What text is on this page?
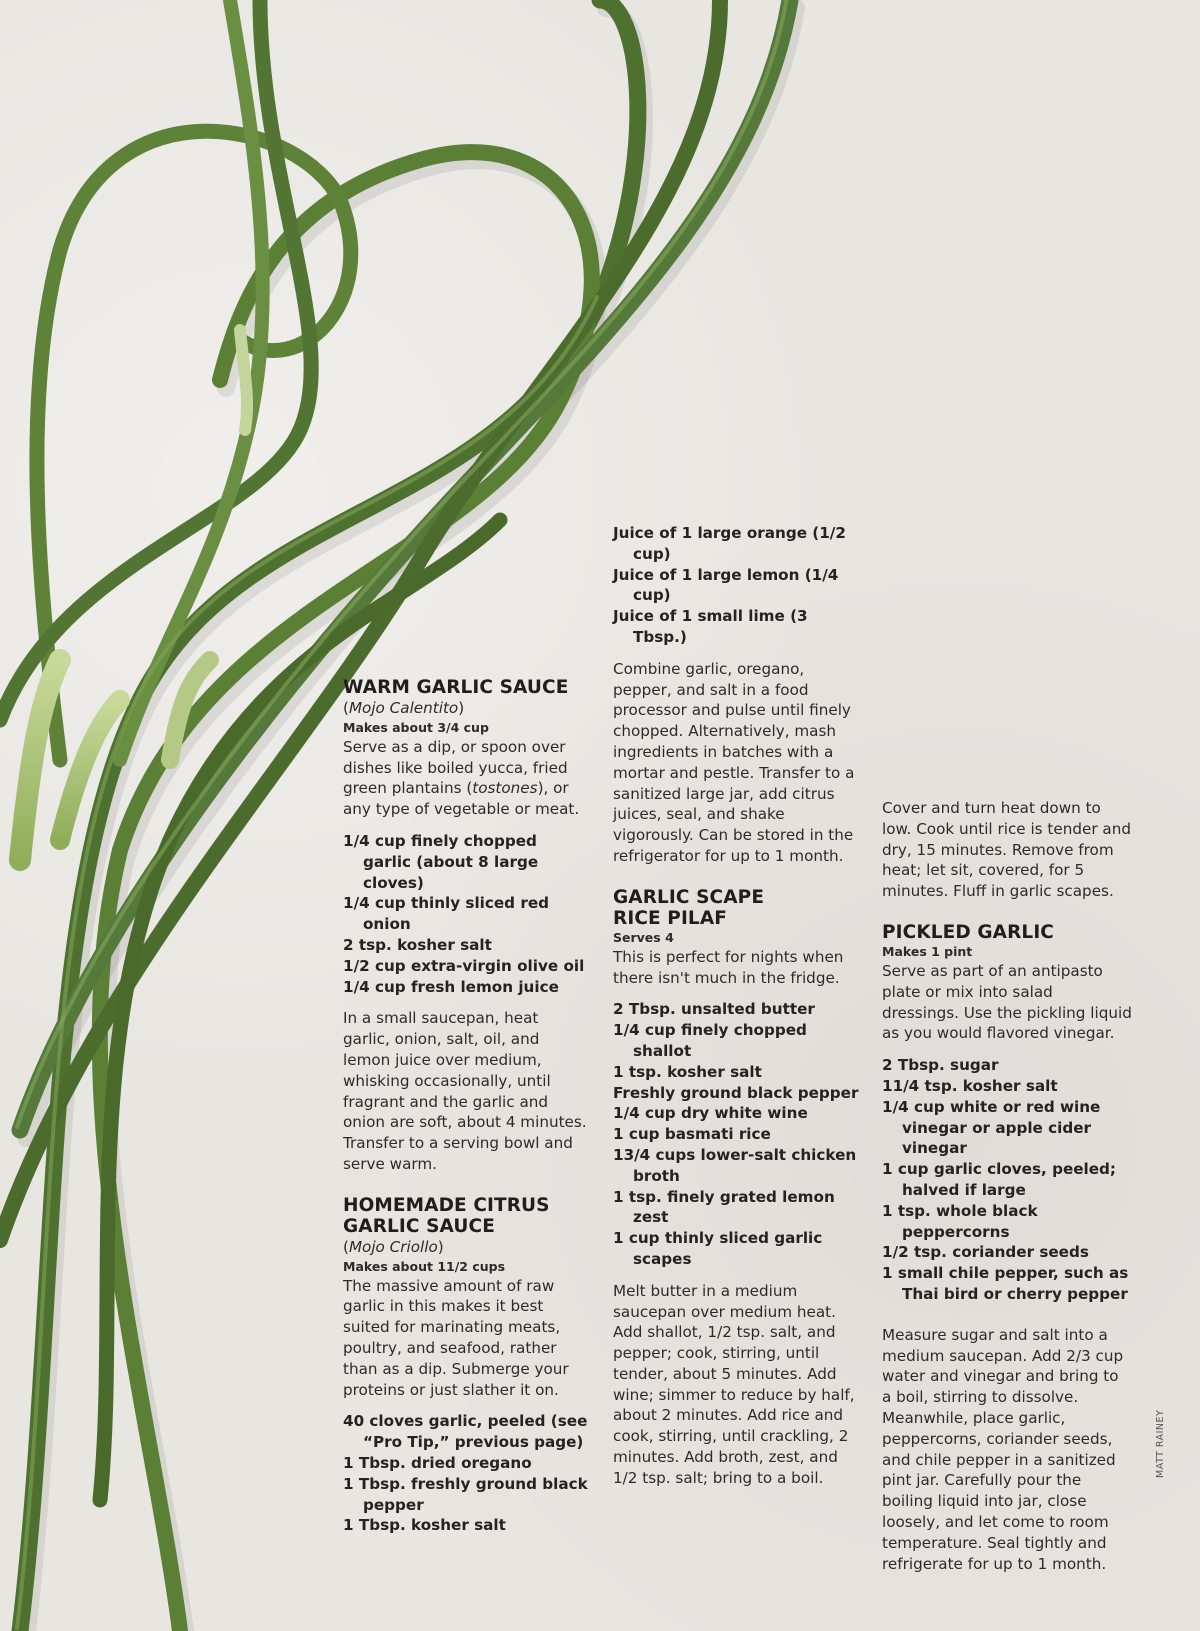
WARM GARLIC SAUCE

(Mojo Calentito)

Makes about 3/4 cup

Serve as a dip, or spoon over dishes like boiled yucca, fried green plantains (tostones), or any type of vegetable or meat.

1/4 cup finely chopped garlic (about 8 large cloves)

1/4 cup thinly sliced red onion

2 tsp. kosher salt

1/2 cup extra-virgin olive oil

1/4 cup fresh lemon juice

In a small saucepan, heat garlic, onion, salt, oil, and lemon juice over medium, whisking occasionally, until fragrant and the garlic and onion are soft, about 4 minutes. Transfer to a serving bowl and serve warm.

HOMEMADE CITRUS

GARLIC SAUCE

(Mojo Criollo)

Makes about 11/2 cups

The massive amount of raw garlic in this makes it best suited for marinating meats, poultry, and seafood, rather than as a dip. Submerge your proteins or just slather it on.

40 cloves garlic, peeled (see “Pro Tip,” previous page)

1 Tbsp. dried oregano

1 Tbsp. freshly ground black pepper

1 Tbsp. kosher salt

Juice of 1 large orange (1/2 cup)

Juice of 1 large lemon (1/4 cup)

Juice of 1 small lime (3 Tbsp.)

Combine garlic, oregano, pepper, and salt in a food processor and pulse until finely chopped. Alternatively, mash ingredients in batches with a mortar and pestle. Transfer to a sanitized large jar, add citrus juices, seal, and shake vigorously. Can be stored in the refrigerator for up to 1 month.

GARLIC SCAPE

RICE PILAF

Serves 4

This is perfect for nights when there isn't much in the fridge.

2 Tbsp. unsalted butter

1/4 cup finely chopped shallot

1 tsp. kosher salt

Freshly ground black pepper

1/4 cup dry white wine

1 cup basmati rice

13/4 cups lower-salt chicken broth

1 tsp. finely grated lemon zest

1 cup thinly sliced garlic scapes

Melt butter in a medium saucepan over medium heat. Add shallot, 1/2 tsp. salt, and pepper; cook, stirring, until tender, about 5 minutes. Add wine; simmer to reduce by half, about 2 minutes. Add rice and cook, stirring, until crackling, 2 minutes. Add broth, zest, and 1/2 tsp. salt; bring to a boil.

Cover and turn heat down to low. Cook until rice is tender and dry, 15 minutes. Remove from heat; let sit, covered, for 5 minutes. Fluff in garlic scapes.

PICKLED GARLIC

Makes 1 pint

Serve as part of an antipasto plate or mix into salad dressings. Use the pickling liquid as you would flavored vinegar.

2 Tbsp. sugar

11/4 tsp. kosher salt

1/4 cup white or red wine vinegar or apple cider vinegar

1 cup garlic cloves, peeled; halved if large

1 tsp. whole black peppercorns

1/2 tsp. coriander seeds

1 small chile pepper, such as Thai bird or cherry pepper

Measure sugar and salt into a medium saucepan. Add 2/3 cup water and vinegar and bring to a boil, stirring to dissolve. Meanwhile, place garlic, peppercorns, coriander seeds, and chile pepper in a sanitized pint jar. Carefully pour the boiling liquid into jar, close loosely, and let come to room temperature. Seal tightly and refrigerate for up to 1 month.

MATT RAINEY
